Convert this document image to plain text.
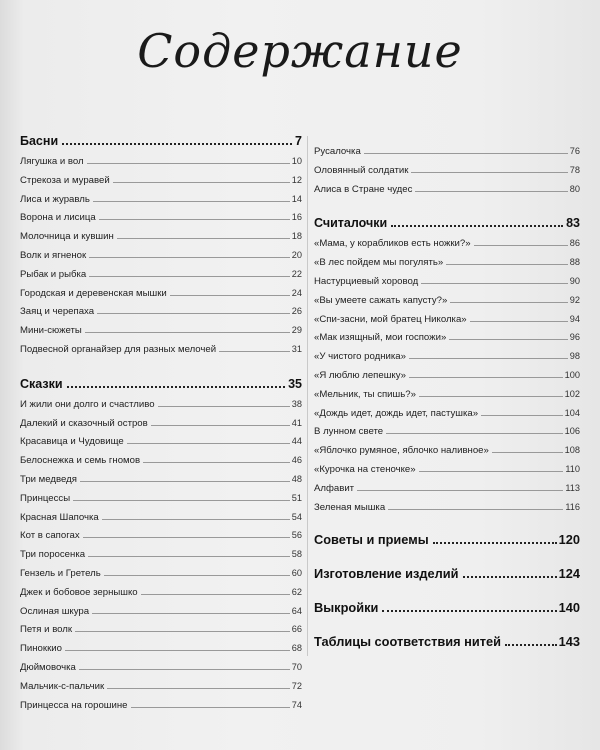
Содержание
Басни	7
Лягушка и вол	10
Стрекоза и муравей	12
Лиса и журавль	14
Ворона и лисица	16
Молочница и кувшин	18
Волк и ягненок	20
Рыбак и рыбка	22
Городская и деревенская мышки	24
Заяц и черепаха	26
Мини-сюжеты	29
Подвесной органайзер для разных мелочей	31
Сказки	35
И жили они долго и счастливо	38
Далекий и сказочный остров	41
Красавица и Чудовище	44
Белоснежка и семь гномов	46
Три медведя	48
Принцессы	51
Красная Шапочка	54
Кот в сапогах	56
Три поросенка	58
Гензель и Гретель	60
Джек и бобовое зернышко	62
Ослиная шкура	64
Петя и волк	66
Пиноккио	68
Дюймовочка	70
Мальчик-с-пальчик	72
Принцесса на горошине	74
Русалочка	76
Оловянный солдатик	78
Алиса в Стране чудес	80
Считалочки	83
«Мама, у корабликов есть ножки?»	86
«В лес пойдем мы погулять»	88
Настурциевый хоровод	90
«Вы умеете сажать капусту?»	92
«Спи-засни, мой братец Николка»	94
«Мак изящный, мои госпожи»	96
«У чистого родника»	98
«Я люблю лепешку»	100
«Мельник, ты спишь?»	102
«Дождь идет, дождь идет, пастушка»	104
В лунном свете	106
«Яблочко румяное, яблочко наливное»	108
«Курочка на стеночке»	110
Алфавит	113
Зеленая мышка	116
Советы и приемы	120
Изготовление изделий	124
Выкройки	140
Таблицы соответствия нитей	143
